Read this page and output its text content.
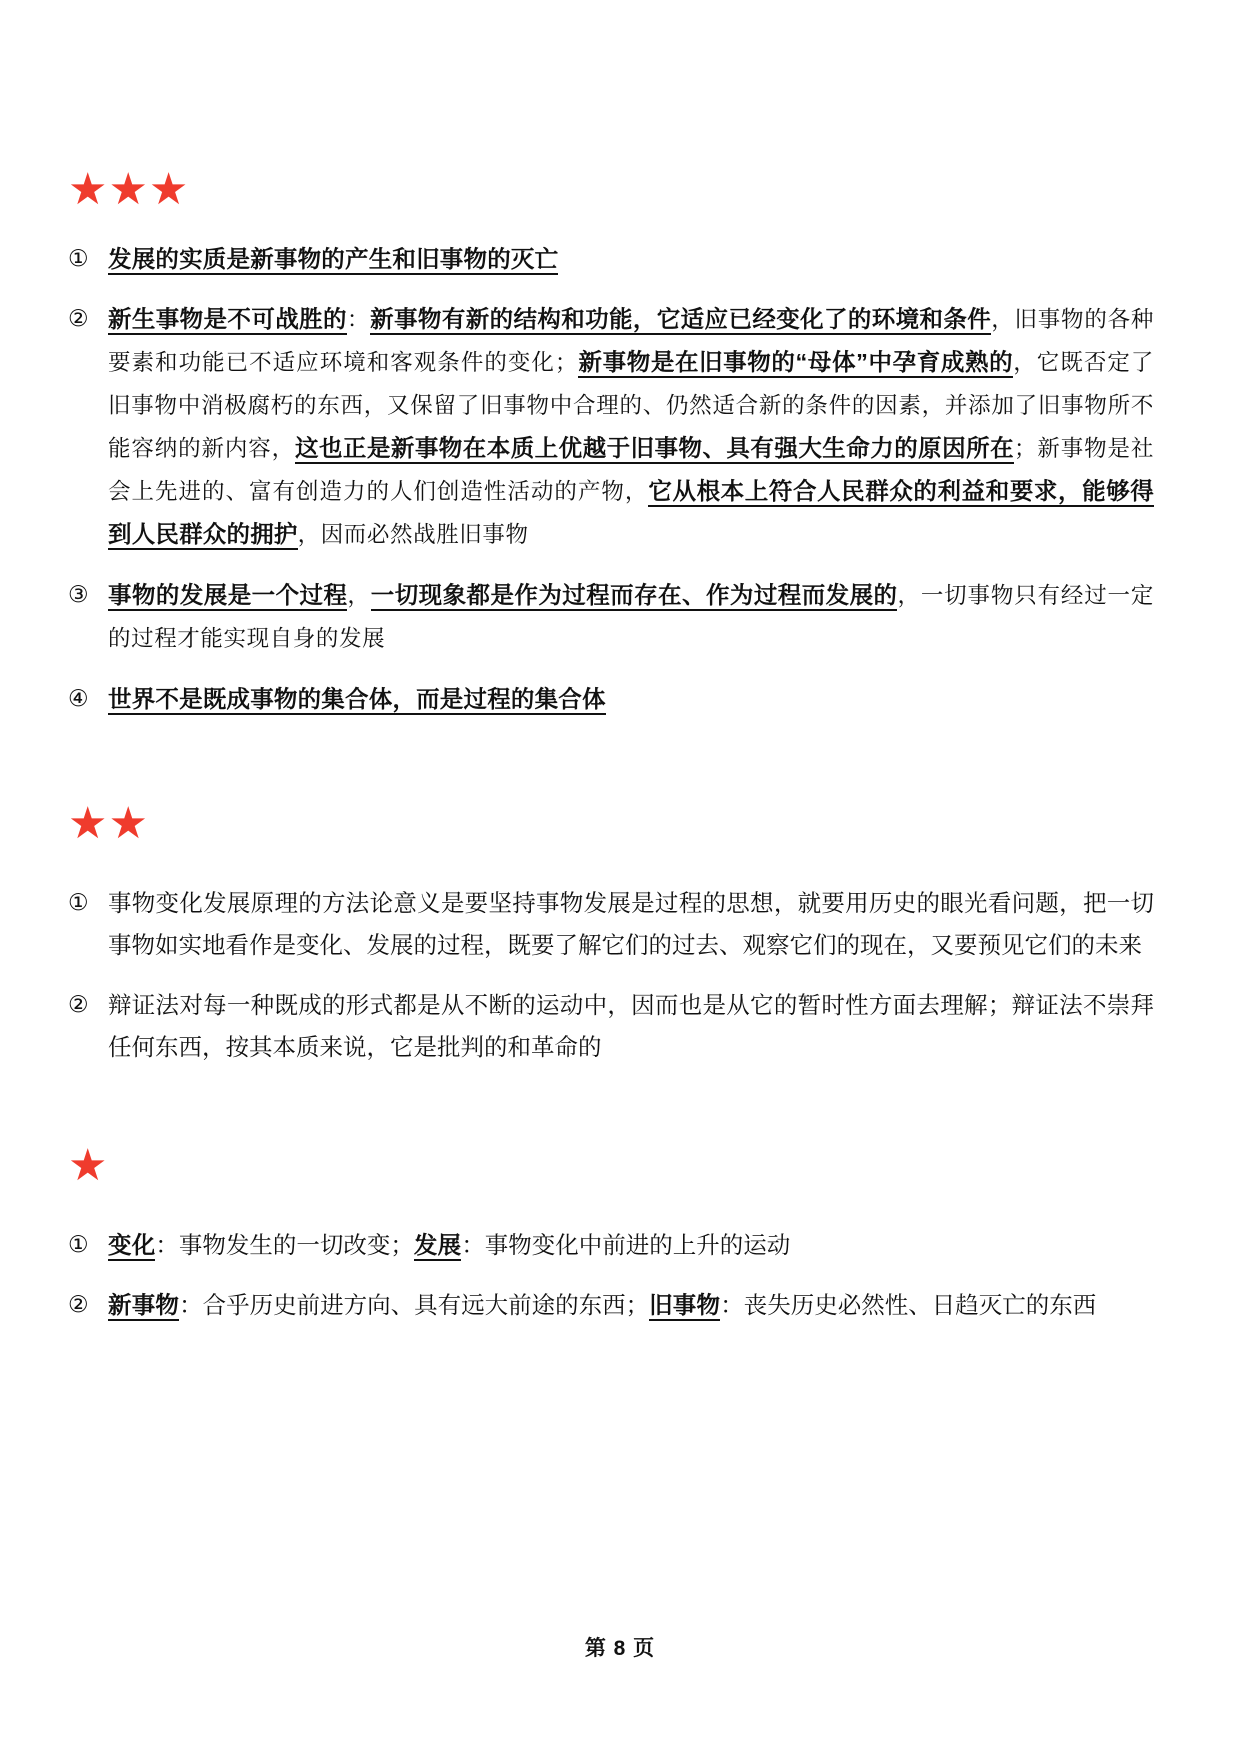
★★★
① 发展的实质是新事物的产生和旧事物的灭亡
② 新生事物是不可战胜的：新事物有新的结构和功能，它适应已经变化了的环境和条件，旧事物的各种要素和功能已不适应环境和客观条件的变化；新事物是在旧事物的“母体”中孕育成熟的，它既否定了旧事物中消极腐朽的东西，又保留了旧事物中合理的、仍然适合新的条件的因素，并添加了旧事物所不能容纳的新内容，这也正是新事物在本质上优越于旧事物、具有强大生命力的原因所在；新事物是社会上先进的、富有创造力的人们创造性活动的产物，它从根本上符合人民群众的利益和要求，能够得到人民群众的拥护，因而必然战胜旧事物
③ 事物的发展是一个过程，一切现象都是作为过程而存在、作为过程而发展的，一切事物只有经过一定的过程才能实现自身的发展
④ 世界不是既成事物的集合体，而是过程的集合体
★★
① 事物变化发展原理的方法论意义是要坚持事物发展是过程的思想，就要用历史的眼光看问题，把一切事物如实地看作是变化、发展的过程，既要了解它们的过去、观察它们的现在，又要预见它们的未来
② 辩证法对每一种既成的形式都是从不断的运动中，因而也是从它的暂时性方面去理解；辩证法不崇拜任何东西，按其本质来说，它是批判的和革命的
★
① 变化：事物发生的一切改变；发展：事物变化中前进的上升的运动
② 新事物：合乎历史前进方向、具有远大前途的东西；旧事物：丧失历史必然性、日趋灭亡的东西
第 8 页
